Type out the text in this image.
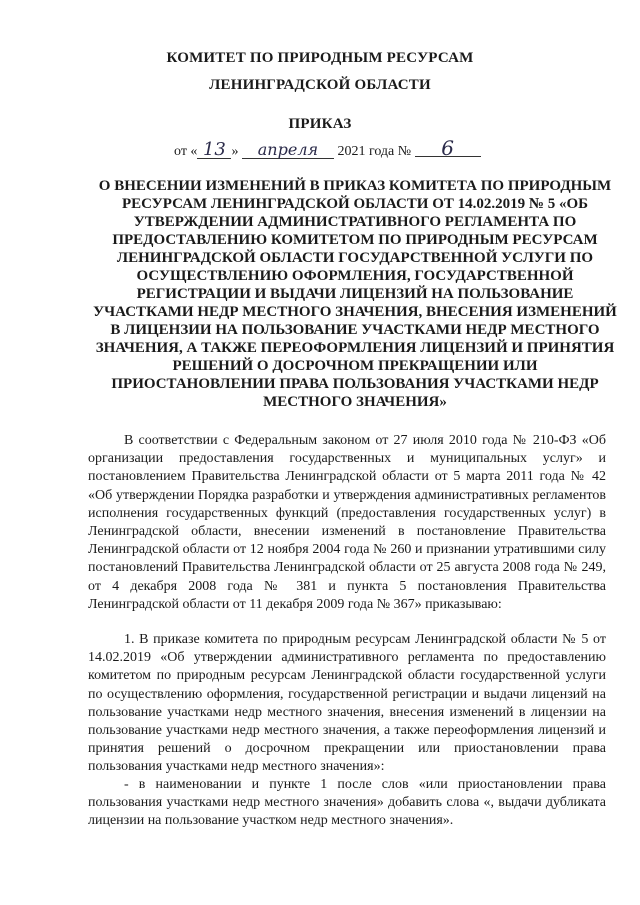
КОМИТЕТ ПО ПРИРОДНЫМ РЕСУРСАМ
ЛЕНИНГРАДСКОЙ ОБЛАСТИ
ПРИКАЗ
от « 13 » апреля 2021 года № 6
О ВНЕСЕНИИ ИЗМЕНЕНИЙ В ПРИКАЗ КОМИТЕТА ПО ПРИРОДНЫМ РЕСУРСАМ ЛЕНИНГРАДСКОЙ ОБЛАСТИ ОТ 14.02.2019 № 5 «ОБ УТВЕРЖДЕНИИ АДМИНИСТРАТИВНОГО РЕГЛАМЕНТА ПО ПРЕДОСТАВЛЕНИЮ КОМИТЕТОМ ПО ПРИРОДНЫМ РЕСУРСАМ ЛЕНИНГРАДСКОЙ ОБЛАСТИ ГОСУДАРСТВЕННОЙ УСЛУГИ ПО ОСУЩЕСТВЛЕНИЮ ОФОРМЛЕНИЯ, ГОСУДАРСТВЕННОЙ РЕГИСТРАЦИИ И ВЫДАЧИ ЛИЦЕНЗИЙ НА ПОЛЬЗОВАНИЕ УЧАСТКАМИ НЕДР МЕСТНОГО ЗНАЧЕНИЯ, ВНЕСЕНИЯ ИЗМЕНЕНИЙ В ЛИЦЕНЗИИ НА ПОЛЬЗОВАНИЕ УЧАСТКАМИ НЕДР МЕСТНОГО ЗНАЧЕНИЯ, А ТАКЖЕ ПЕРЕОФОРМЛЕНИЯ ЛИЦЕНЗИЙ И ПРИНЯТИЯ РЕШЕНИЙ О ДОСРОЧНОМ ПРЕКРАЩЕНИИ ИЛИ ПРИОСТАНОВЛЕНИИ ПРАВА ПОЛЬЗОВАНИЯ УЧАСТКАМИ НЕДР МЕСТНОГО ЗНАЧЕНИЯ»
В соответствии с Федеральным законом от 27 июля 2010 года № 210-ФЗ «Об организации предоставления государственных и муниципальных услуг» и постановлением Правительства Ленинградской области от 5 марта 2011 года № 42 «Об утверждении Порядка разработки и утверждения административных регламентов исполнения государственных функций (предоставления государственных услуг) в Ленинградской области, внесении изменений в постановление Правительства Ленинградской области от 12 ноября 2004 года № 260 и признании утратившими силу постановлений Правительства Ленинградской области от 25 августа 2008 года № 249, от 4 декабря 2008 года № 381 и пункта 5 постановления Правительства Ленинградской области от 11 декабря 2009 года № 367» приказываю:
1. В приказе комитета по природным ресурсам Ленинградской области № 5 от 14.02.2019 «Об утверждении административного регламента по предоставлению комитетом по природным ресурсам Ленинградской области государственной услуги по осуществлению оформления, государственной регистрации и выдачи лицензий на пользование участками недр местного значения, внесения изменений в лицензии на пользование участками недр местного значения, а также переоформления лицензий и принятия решений о досрочном прекращении или приостановлении права пользования участками недр местного значения»:
- в наименовании и пункте 1 после слов «или приостановлении права пользования участками недр местного значения» добавить слова «, выдачи дубликата лицензии на пользование участком недр местного значения».
